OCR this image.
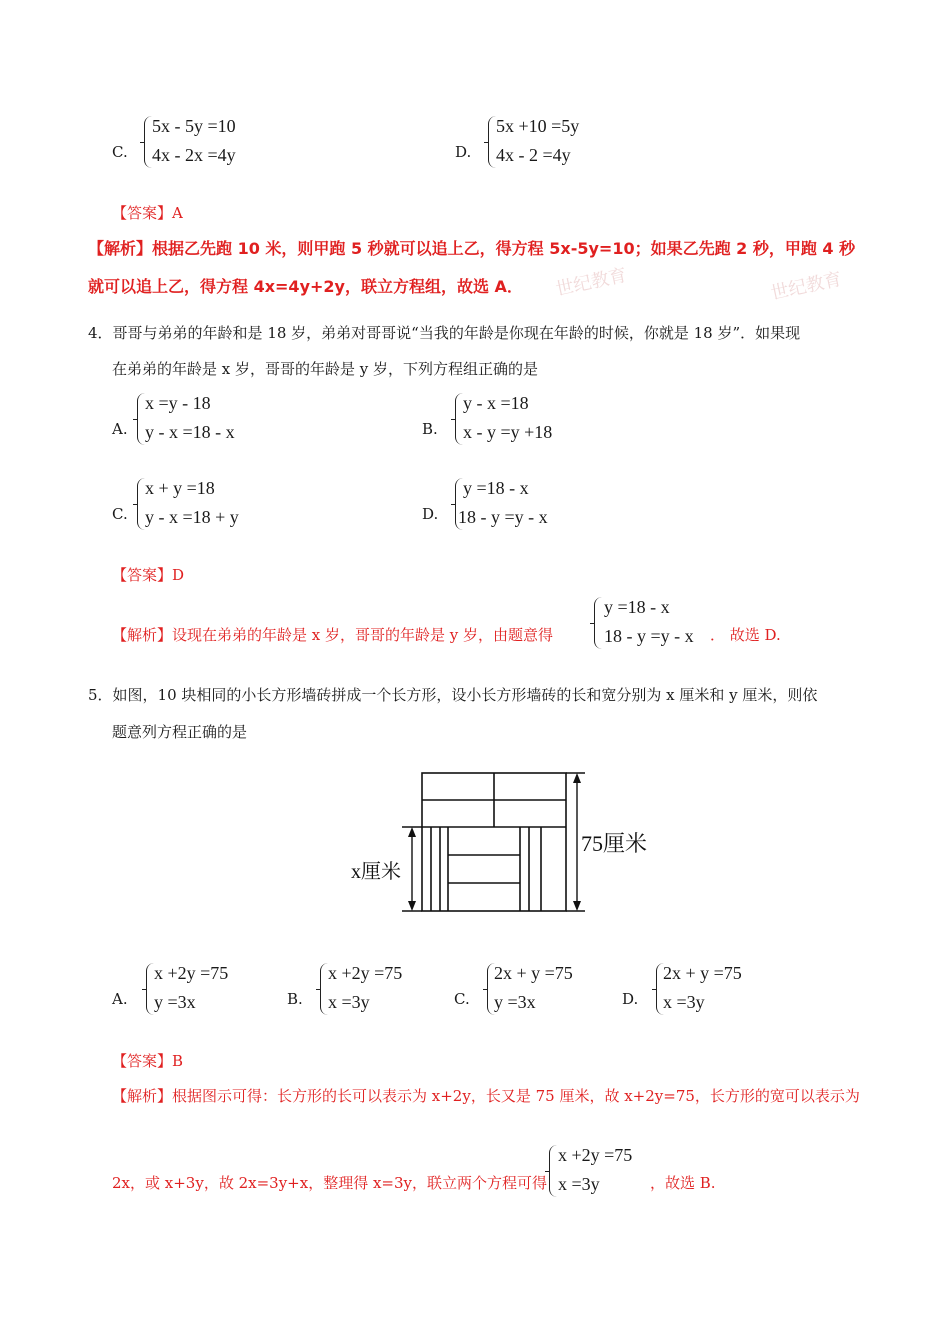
C.
5x - 5y =10
4x - 2x =4y	D.
5x +10 =5y
4x - 2 =4y
【答案】A
世纪教育	世纪教育
【解析】根据乙先跑 10 米，则甲跑 5 秒就可以追上乙，得方程 5x-5y=10；如果乙先跑 2 秒，甲跑 4 秒
就可以追上乙，得方程 4x=4y+2y，联立方程组，故选 A．
4．哥哥与弟弟的年龄和是 18 岁，弟弟对哥哥说“当我的年龄是你现在年龄的时候，你就是 18 岁”．如果现
在弟弟的年龄是 x 岁，哥哥的年龄是 y 岁，下列方程组正确的是
A.
x =y - 18
y - x =18 - x	B.
y - x =18
x - y =y +18
C.
x + y =18
y - x =18 + y	D.
y =18 - x
18 - y =y - x
【答案】D
【解析】设现在弟弟的年龄是 x 岁，哥哥的年龄是 y 岁，由题意得
y =18 - x
18 - y =y - x ． 故选 D.
5．如图，10 块相同的小长方形墙砖拼成一个长方形，设小长方形墙砖的长和宽分别为 x 厘米和 y 厘米，则依
题意列方程正确的是
x厘米
75厘米
A.
x +2y =75
y =3x	B.
x +2y =75
x =3y	C.
2x + y =75
y =3x	D.
2x + y =75
x =3y
【答案】B
【解析】根据图示可得：长方形的长可以表示为 x+2y，长又是 75 厘米，故 x+2y=75，长方形的宽可以表示为
2x，或 x+3y，故 2x=3y+x，整理得 x=3y，联立两个方程可得
x +2y =75
x =3y	，故选 B.
